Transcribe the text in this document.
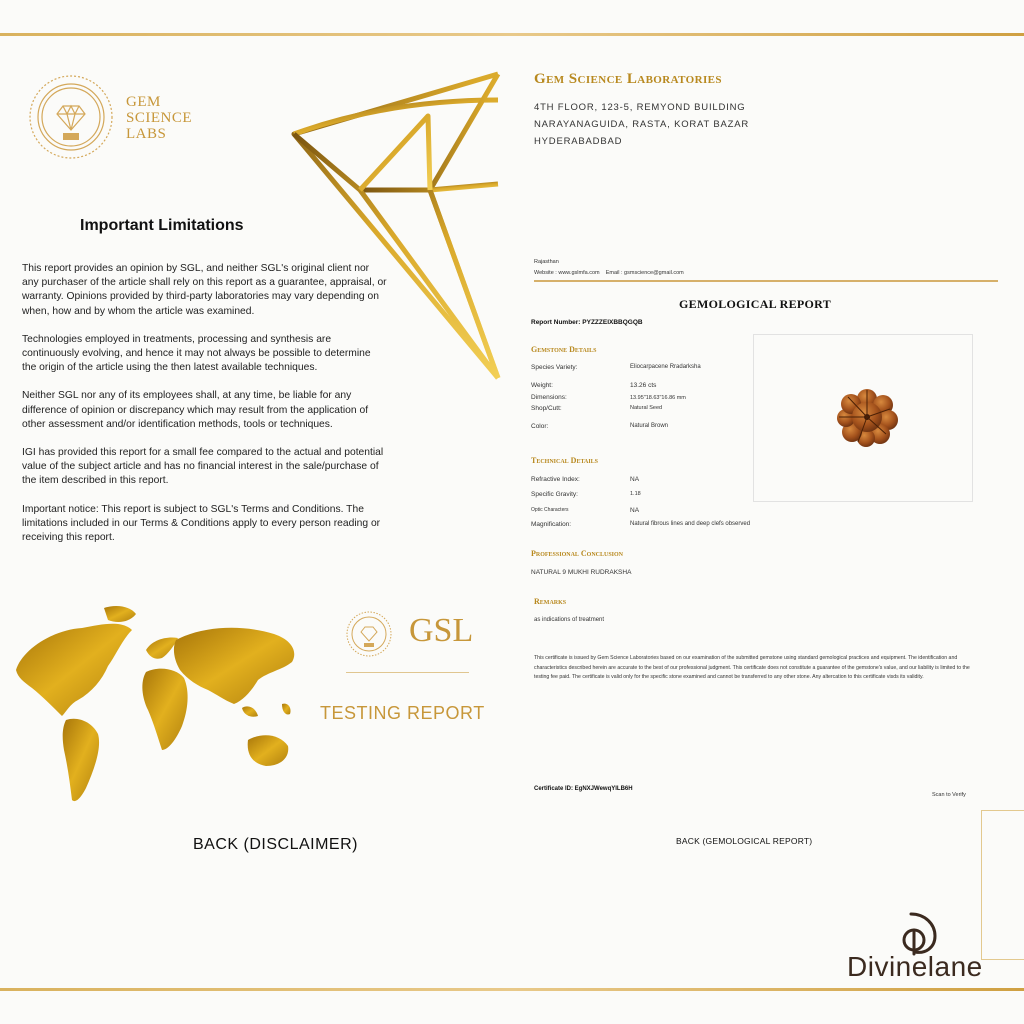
GEM
SCIENCE
LABS
Important Limitations

This report provides an opinion by SGL, and neither SGL's original client nor any purchaser of the article shall rely on this report as a guarantee, appraisal, or warranty. Opinions provided by third-party laboratories may vary depending on when, how and by whom the article was examined.

Technologies employed in treatments, processing and synthesis are continuously evolving, and hence it may not always be possible to determine the origin of the article using the then latest available techniques.

Neither SGL nor any of its employees shall, at any time, be liable for any difference of opinion or discrepancy which may result from the application of other assessment and/or identification methods, tools or techniques.

IGI has provided this report for a small fee compared to the actual and potential value of the subject article and has no financial interest in the sale/purchase of the item described in this report.

Important notice: This report is subject to SGL's Terms and Conditions. The limitations included in our Terms & Conditions apply to every person reading or receiving this report.

GSL
TESTING REPORT
BACK (DISCLAIMER)
Gem Science Laboratories
4TH FLOOR, 123-5, REMYOND BUILDING
NARAYANAGUIDA, RASTA, KORAT BAZAR
HYDERABADBAD
Rajasthan
Website : www.gslmfa.com    Email : gsmscience@gmail.com
GEMOLOGICAL REPORT
Report Number: PYZZZEIXBBQGQB
Gemstone Details
Species Variety:	Eliocarpacene Rradarksha
Weight:	13.26 cts
Dimensions:	13.95"18.63"16.86 mm
Shop/Cutt:	Natural Seed
Color:	Natural Brown
Technical Details
Refractive Index:	NA
Specific Gravity:	1.18
Optic Characters	NA
Magnification:	Natural fibrous lines and deep clefs observed
Professional Conclusion
NATURAL 9 MUKHI RUDRAKSHA
Remarks
as indications of treatment
This certificate is issued by Gem Science Laboratories based on our examination of the submitted gemstone using standard gemological practices and equipment. The identification and characteristics described herein are accurate to the best of our professional judgment. This certificate does not constitute a guarantee of the gemstone's value, and our liability is limited to the testing fee paid. The certificate is valid only for the specific stone examined and cannot be transferred to any other stone. Any altercation to this certificate visds its validity.
Certificate ID: EgNXJWewqYILB6H
Scan to Verify
BACK (GEMOLOGICAL REPORT)
Divinelane
